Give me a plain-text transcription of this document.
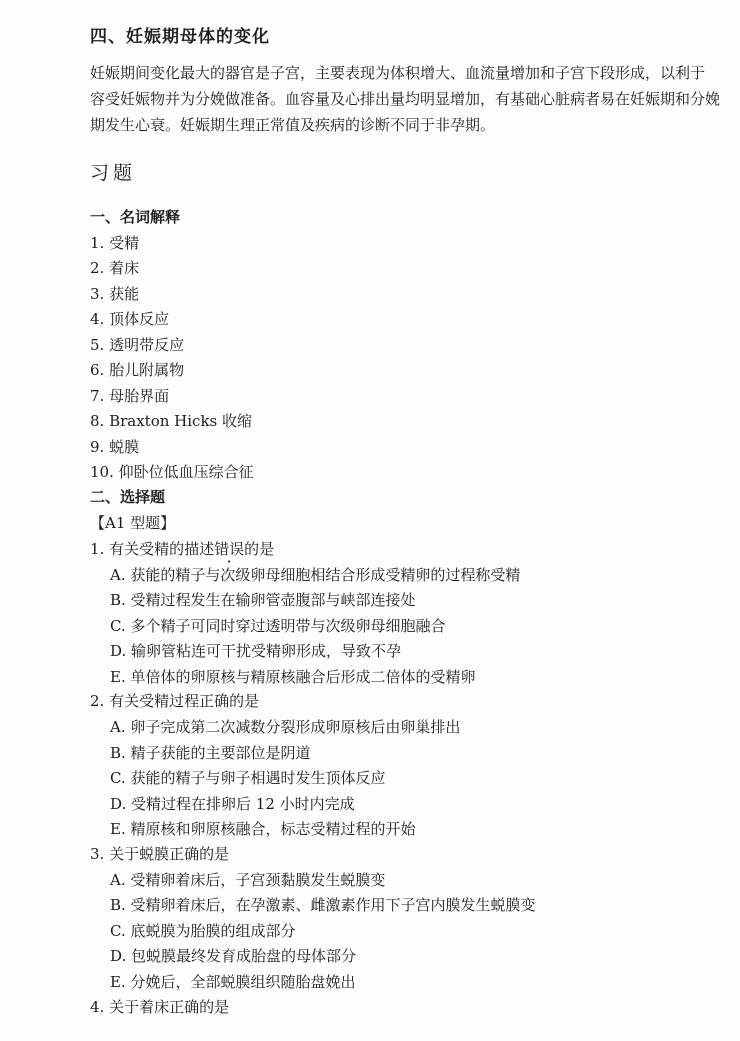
四、妊娠期母体的变化
妊娠期间变化最大的器官是子宫，主要表现为体积增大、血流量增加和子宫下段形成，以利于
容受妊娠物并为分娩做准备。血容量及心排出量均明显增加，有基础心脏病者易在妊娠期和分娩
期发生心衰。妊娠期生理正常值及疾病的诊断不同于非孕期。
习题
一、名词解释
1. 受精
2. 着床
3. 获能
4. 顶体反应
5. 透明带反应
6. 胎儿附属物
7. 母胎界面
8. Braxton Hicks 收缩
9. 蜕膜
10. 仰卧位低血压综合征
二、选择题
【A1 型题】
1. 有关受精的描述错误的是
A. 获能的精子与次级卵母细胞相结合形成受精卵的过程称受精
B. 受精过程发生在输卵管壶腹部与峡部连接处
C. 多个精子可同时穿过透明带与次级卵母细胞融合
D. 输卵管粘连可干扰受精卵形成，导致不孕
E. 单倍体的卵原核与精原核融合后形成二倍体的受精卵
2. 有关受精过程正确的是
A. 卵子完成第二次减数分裂形成卵原核后由卵巢排出
B. 精子获能的主要部位是阴道
C. 获能的精子与卵子相遇时发生顶体反应
D. 受精过程在排卵后 12 小时内完成
E. 精原核和卵原核融合，标志受精过程的开始
3. 关于蜕膜正确的是
A. 受精卵着床后，子宫颈黏膜发生蜕膜变
B. 受精卵着床后，在孕激素、雌激素作用下子宫内膜发生蜕膜变
C. 底蜕膜为胎膜的组成部分
D. 包蜕膜最终发育成胎盘的母体部分
E. 分娩后，全部蜕膜组织随胎盘娩出
4. 关于着床正确的是
